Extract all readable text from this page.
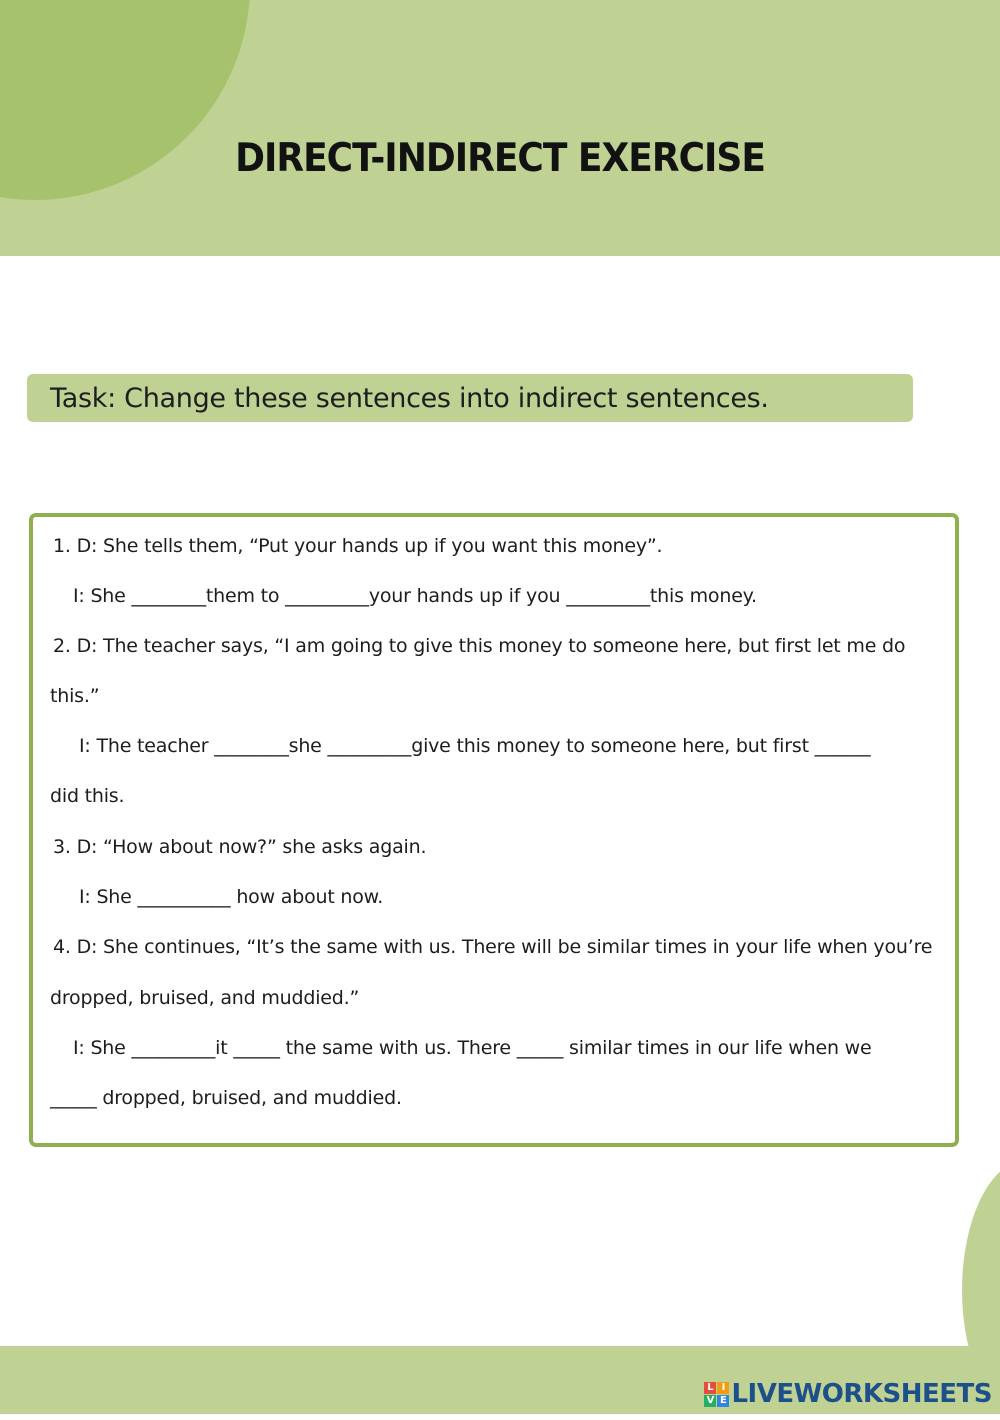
DIRECT-INDIRECT EXERCISE
Task: Change these sentences into indirect sentences.
1. D: She tells them, “Put your hands up if you want this money”.
I: She ________them to _________your hands up if you _________this money.
2. D: The teacher says, “I am going to give this money to someone here, but first let me do
this.”
I: The teacher ________she _________give this money to someone here, but first ______
did this.
3. D: “How about now?” she asks again.
I: She __________ how about now.
4. D: She continues, “It’s the same with us. There will be similar times in your life when you’re
dropped, bruised, and muddied.”
I: She _________it _____ the same with us. There _____ similar times in our life when we
_____ dropped, bruised, and muddied.
L I
V E LIVEWORKSHEETS
